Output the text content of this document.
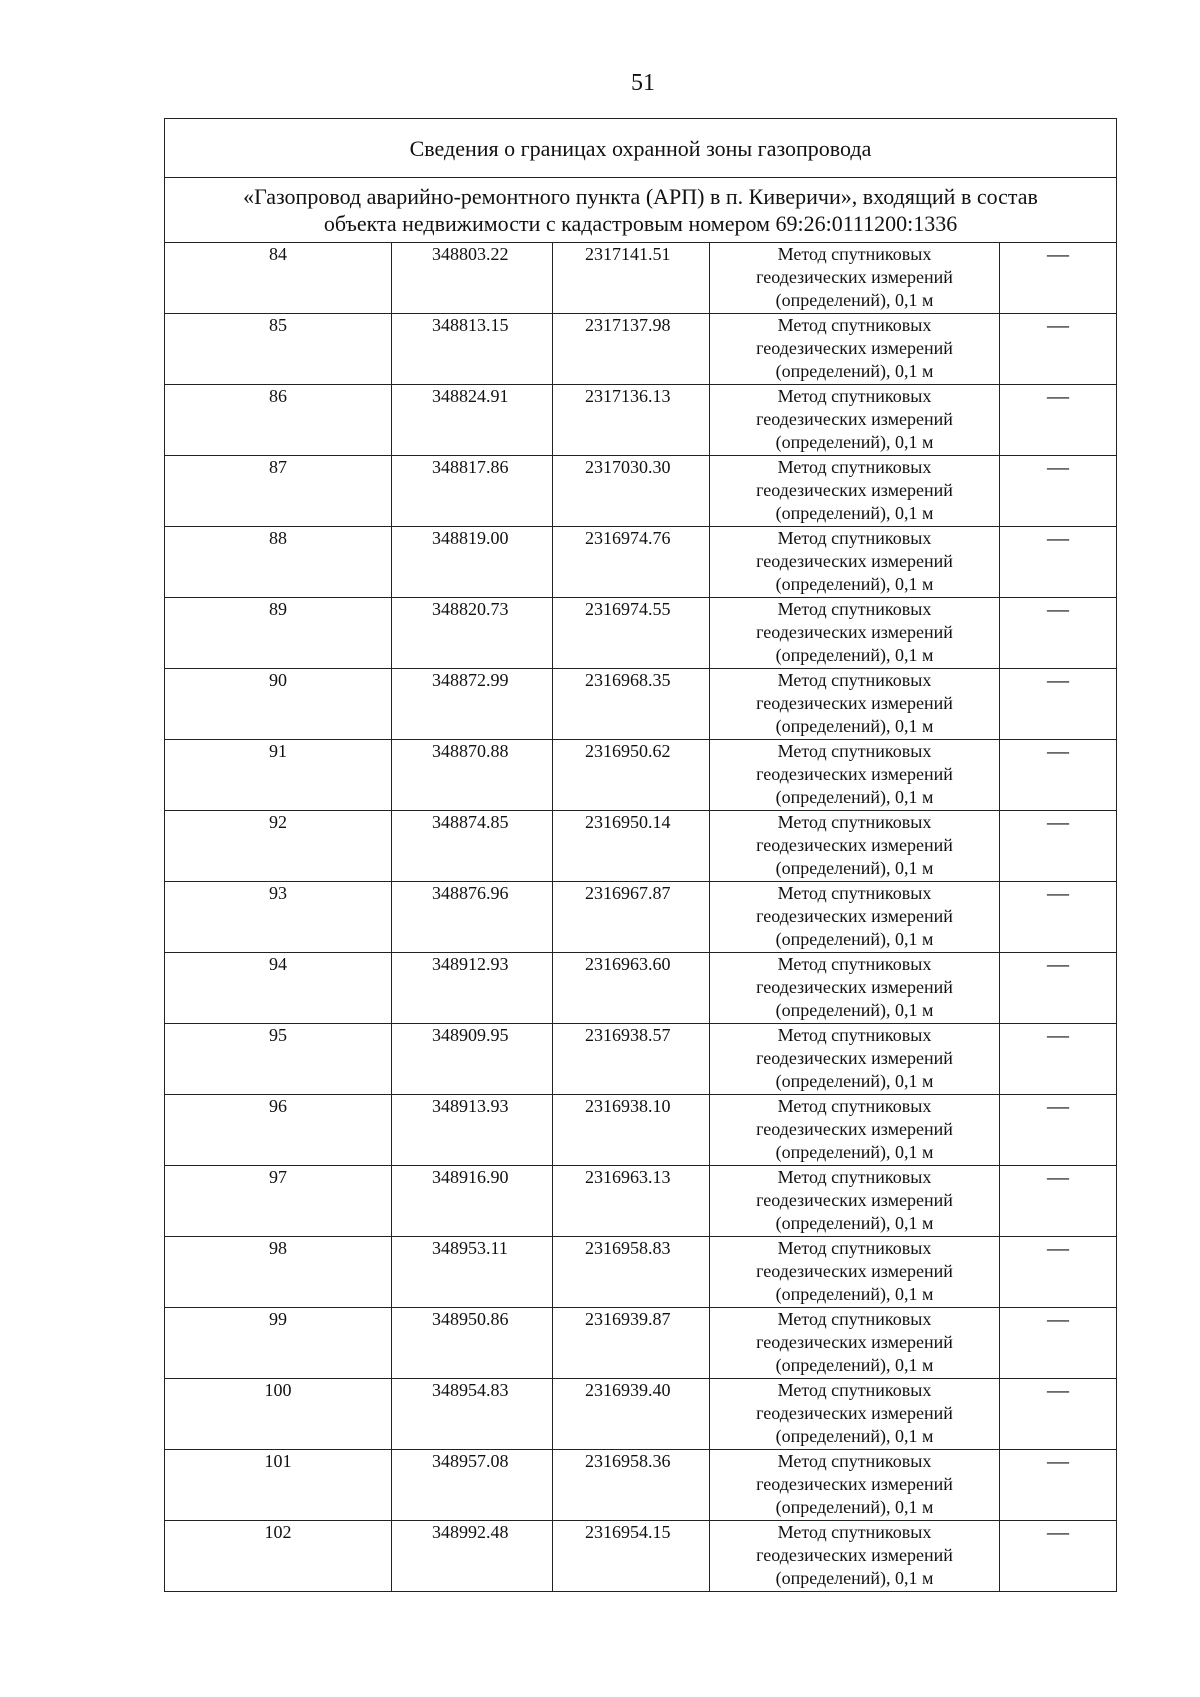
51
Сведения о границах охранной зоны газопровода				
«Газопровод аварийно-ремонтного пункта (АРП) в п. Киверичи», входящий в состав
объекта недвижимости с кадастровым номером 69:26:0111200:1336				
84	348803.22	2317141.51	Метод спутниковых
геодезических измерений
(определений), 0,1 м	—
85	348813.15	2317137.98	Метод спутниковых
геодезических измерений
(определений), 0,1 м	—
86	348824.91	2317136.13	Метод спутниковых
геодезических измерений
(определений), 0,1 м	—
87	348817.86	2317030.30	Метод спутниковых
геодезических измерений
(определений), 0,1 м	—
88	348819.00	2316974.76	Метод спутниковых
геодезических измерений
(определений), 0,1 м	—
89	348820.73	2316974.55	Метод спутниковых
геодезических измерений
(определений), 0,1 м	—
90	348872.99	2316968.35	Метод спутниковых
геодезических измерений
(определений), 0,1 м	—
91	348870.88	2316950.62	Метод спутниковых
геодезических измерений
(определений), 0,1 м	—
92	348874.85	2316950.14	Метод спутниковых
геодезических измерений
(определений), 0,1 м	—
93	348876.96	2316967.87	Метод спутниковых
геодезических измерений
(определений), 0,1 м	—
94	348912.93	2316963.60	Метод спутниковых
геодезических измерений
(определений), 0,1 м	—
95	348909.95	2316938.57	Метод спутниковых
геодезических измерений
(определений), 0,1 м	—
96	348913.93	2316938.10	Метод спутниковых
геодезических измерений
(определений), 0,1 м	—
97	348916.90	2316963.13	Метод спутниковых
геодезических измерений
(определений), 0,1 м	—
98	348953.11	2316958.83	Метод спутниковых
геодезических измерений
(определений), 0,1 м	—
99	348950.86	2316939.87	Метод спутниковых
геодезических измерений
(определений), 0,1 м	—
100	348954.83	2316939.40	Метод спутниковых
геодезических измерений
(определений), 0,1 м	—
101	348957.08	2316958.36	Метод спутниковых
геодезических измерений
(определений), 0,1 м	—
102	348992.48	2316954.15	Метод спутниковых
геодезических измерений
(определений), 0,1 м	—
